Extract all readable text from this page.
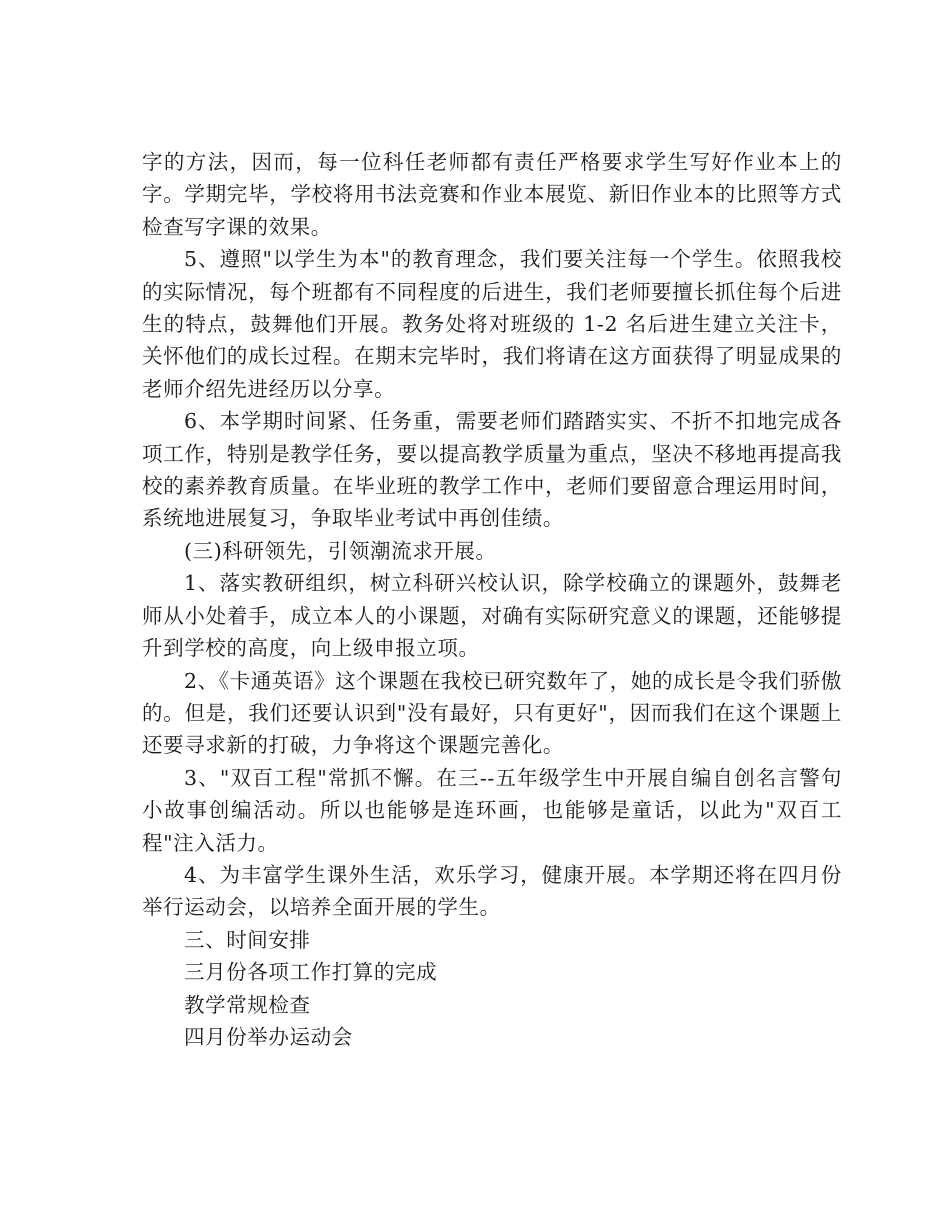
字的方法，因而，每一位科任老师都有责任严格要求学生写好作业本上的字。学期完毕，学校将用书法竞赛和作业本展览、新旧作业本的比照等方式检查写字课的效果。

5、遵照"以学生为本"的教育理念，我们要关注每一个学生。依照我校的实际情况，每个班都有不同程度的后进生，我们老师要擅长抓住每个后进生的特点，鼓舞他们开展。教务处将对班级的 1-2 名后进生建立关注卡，关怀他们的成长过程。在期末完毕时，我们将请在这方面获得了明显成果的老师介绍先进经历以分享。

6、本学期时间紧、任务重，需要老师们踏踏实实、不折不扣地完成各项工作，特别是教学任务，要以提高教学质量为重点，坚决不移地再提高我校的素养教育质量。在毕业班的教学工作中，老师们要留意合理运用时间，系统地进展复习，争取毕业考试中再创佳绩。

(三)科研领先，引领潮流求开展。

1、落实教研组织，树立科研兴校认识，除学校确立的课题外，鼓舞老师从小处着手，成立本人的小课题，对确有实际研究意义的课题，还能够提升到学校的高度，向上级申报立项。

2、《卡通英语》这个课题在我校已研究数年了，她的成长是令我们骄傲的。但是，我们还要认识到"没有最好，只有更好"，因而我们在这个课题上还要寻求新的打破，力争将这个课题完善化。

3、"双百工程"常抓不懈。在三--五年级学生中开展自编自创名言警句小故事创编活动。所以也能够是连环画，也能够是童话，以此为"双百工程"注入活力。

4、为丰富学生课外生活，欢乐学习，健康开展。本学期还将在四月份举行运动会，以培养全面开展的学生。

三、时间安排

三月份各项工作打算的完成

教学常规检查

四月份举办运动会
